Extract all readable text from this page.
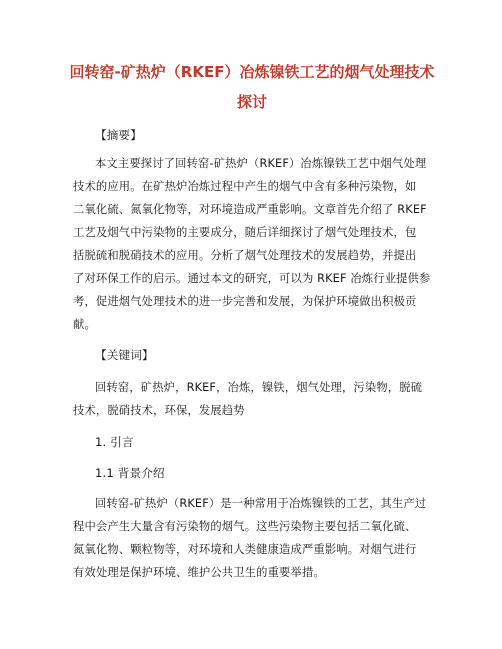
回转窑-矿热炉（RKEF）冶炼镍铁工艺的烟气处理技术
探讨
【摘要】
本文主要探讨了回转窑-矿热炉（RKEF）冶炼镍铁工艺中烟气处理
技术的应用。在矿热炉冶炼过程中产生的烟气中含有多种污染物，如
二氧化硫、氮氧化物等，对环境造成严重影响。文章首先介绍了 RKEF
工艺及烟气中污染物的主要成分，随后详细探讨了烟气处理技术，包
括脱硫和脱硝技术的应用。分析了烟气处理技术的发展趋势，并提出
了对环保工作的启示。通过本文的研究，可以为 RKEF 冶炼行业提供参
考，促进烟气处理技术的进一步完善和发展，为保护环境做出积极贡
献。
【关键词】
回转窑，矿热炉，RKEF，冶炼，镍铁，烟气处理，污染物，脱硫
技术，脱硝技术，环保，发展趋势
1. 引言
1.1 背景介绍
回转窑-矿热炉（RKEF）是一种常用于冶炼镍铁的工艺，其生产过
程中会产生大量含有污染物的烟气。这些污染物主要包括二氧化硫、
氮氧化物、颗粒物等，对环境和人类健康造成严重影响。对烟气进行
有效处理是保护环境、维护公共卫生的重要举措。
